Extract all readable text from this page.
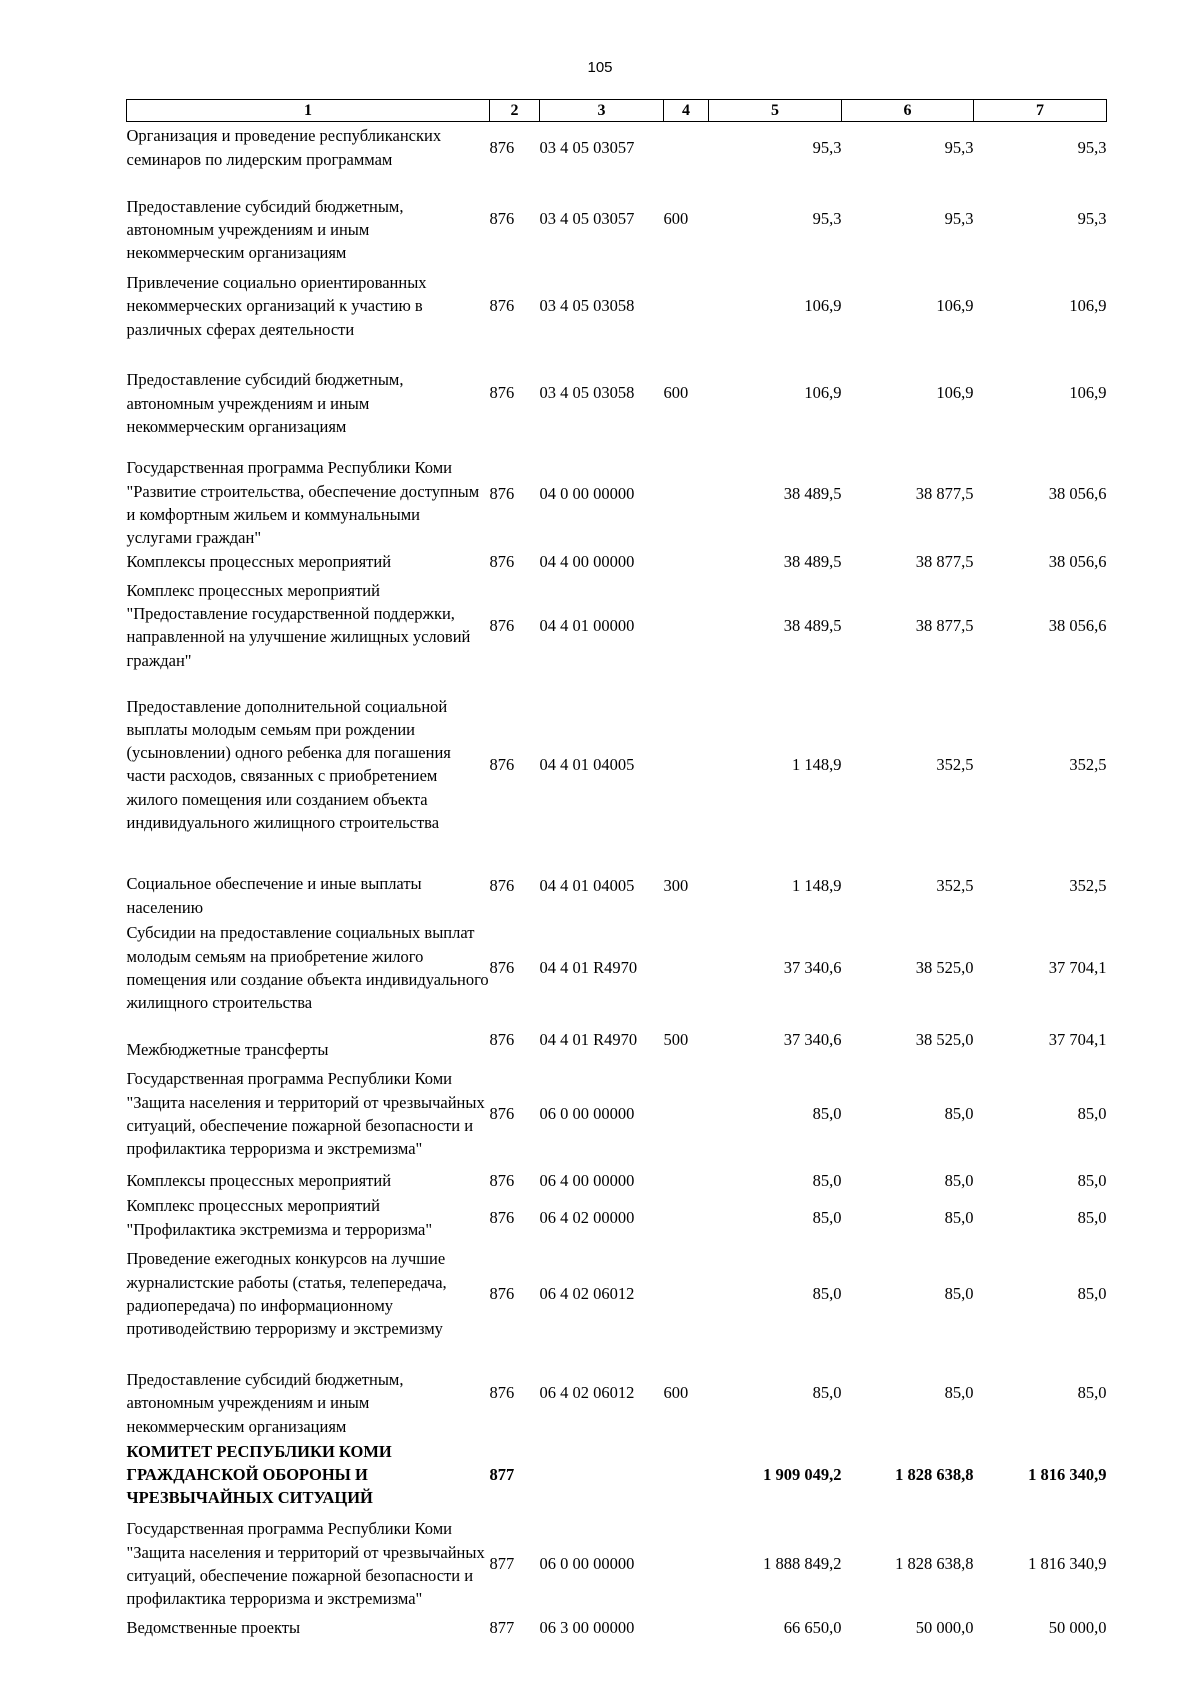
105
1	2	3	4	5	6	7
Организация и проведение республиканских семинаров по лидерским программам	876	03 4 05 03057		95,3	95,3	95,3
Предоставление субсидий бюджетным, автономным учреждениям и иным некоммерческим организациям	876	03 4 05 03057	600	95,3	95,3	95,3
Привлечение социально ориентированных некоммерческих организаций к участию в различных сферах деятельности	876	03 4 05 03058		106,9	106,9	106,9
Предоставление субсидий бюджетным, автономным учреждениям и иным некоммерческим организациям	876	03 4 05 03058	600	106,9	106,9	106,9
Государственная программа Республики Коми "Развитие строительства, обеспечение доступным и комфортным жильем и коммунальными услугами граждан"	876	04 0 00 00000		38 489,5	38 877,5	38 056,6
Комплексы процессных мероприятий	876	04 4 00 00000		38 489,5	38 877,5	38 056,6
Комплекс процессных мероприятий "Предоставление государственной поддержки, направленной на улучшение жилищных условий граждан"	876	04 4 01 00000		38 489,5	38 877,5	38 056,6
Предоставление дополнительной социальной выплаты молодым семьям при рождении (усыновлении) одного ребенка для погашения части расходов, связанных с приобретением жилого помещения или созданием объекта индивидуального жилищного строительства	876	04 4 01 04005		1 148,9	352,5	352,5
Социальное обеспечение и иные выплаты населению	876	04 4 01 04005	300	1 148,9	352,5	352,5
Субсидии на предоставление социальных выплат молодым семьям на приобретение жилого помещения или создание объекта индивидуального жилищного строительства	876	04 4 01 R4970		37 340,6	38 525,0	37 704,1
Межбюджетные трансферты	876	04 4 01 R4970	500	37 340,6	38 525,0	37 704,1
Государственная программа Республики Коми "Защита населения и территорий от чрезвычайных ситуаций, обеспечение пожарной безопасности и профилактика терроризма и экстремизма"	876	06 0 00 00000		85,0	85,0	85,0
Комплексы процессных мероприятий	876	06 4 00 00000		85,0	85,0	85,0
Комплекс процессных мероприятий "Профилактика экстремизма и терроризма"	876	06 4 02 00000		85,0	85,0	85,0
Проведение ежегодных конкурсов на лучшие журналистские работы (статья, телепередача, радиопередача) по информационному противодействию терроризму и экстремизму	876	06 4 02 06012		85,0	85,0	85,0
Предоставление субсидий бюджетным, автономным учреждениям и иным некоммерческим организациям	876	06 4 02 06012	600	85,0	85,0	85,0
КОМИТЕТ РЕСПУБЛИКИ КОМИ ГРАЖДАНСКОЙ ОБОРОНЫ И ЧРЕЗВЫЧАЙНЫХ СИТУАЦИЙ	877			1 909 049,2	1 828 638,8	1 816 340,9
Государственная программа Республики Коми "Защита населения и территорий от чрезвычайных ситуаций, обеспечение пожарной безопасности и профилактика терроризма и экстремизма"	877	06 0 00 00000		1 888 849,2	1 828 638,8	1 816 340,9
Ведомственные проекты	877	06 3 00 00000		66 650,0	50 000,0	50 000,0
